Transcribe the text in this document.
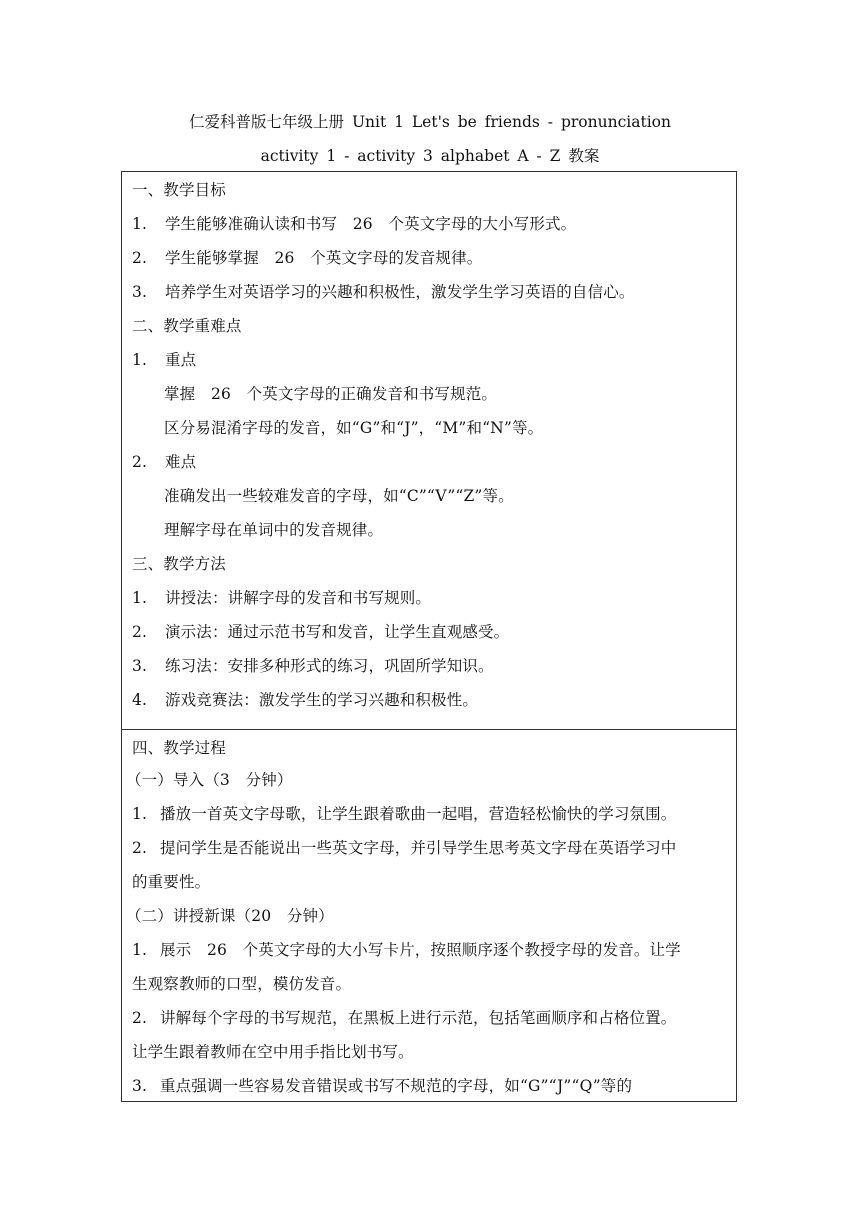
仁爱科普版七年级上册 Unit 1 Let's be friends - pronunciation
activity 1 - activity 3 alphabet A - Z 教案
一、教学目标
1. 学生能够准确认读和书写　26　个英文字母的大小写形式。
2. 学生能够掌握　26　个英文字母的发音规律。
3. 培养学生对英语学习的兴趣和积极性，激发学生学习英语的自信心。
二、教学重难点
1. 重点
掌握　26　个英文字母的正确发音和书写规范。
区分易混淆字母的发音，如“G”和“J”，“M”和“N”等。
2. 难点
准确发出一些较难发音的字母，如“C”“V”“Z”等。
理解字母在单词中的发音规律。
三、教学方法
1. 讲授法：讲解字母的发音和书写规则。
2. 演示法：通过示范书写和发音，让学生直观感受。
3. 练习法：安排多种形式的练习，巩固所学知识。
4. 游戏竞赛法：激发学生的学习兴趣和积极性。
四、教学过程
（一）导入（3　分钟）
1. 播放一首英文字母歌，让学生跟着歌曲一起唱，营造轻松愉快的学习氛围。
2. 提问学生是否能说出一些英文字母，并引导学生思考英文字母在英语学习中
的重要性。
（二）讲授新课（20　分钟）
1. 展示　26　个英文字母的大小写卡片，按照顺序逐个教授字母的发音。让学
生观察教师的口型，模仿发音。
2. 讲解每个字母的书写规范，在黑板上进行示范，包括笔画顺序和占格位置。
让学生跟着教师在空中用手指比划书写。
3. 重点强调一些容易发音错误或书写不规范的字母，如“G”“J”“Q”等的
